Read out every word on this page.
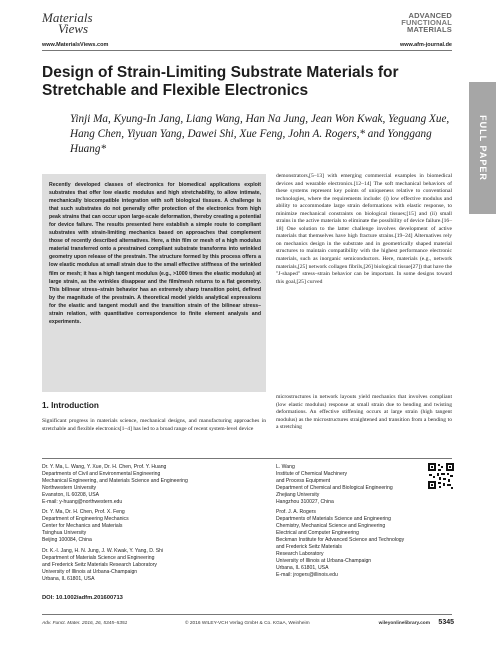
Materials
Views
www.MaterialsViews.com
ADVANCED
FUNCTIONAL
MATERIALS
www.afm-journal.de
FULL PAPER
Design of Strain-Limiting Substrate Materials for Stretchable and Flexible Electronics
Yinji Ma, Kyung-In Jang, Liang Wang, Han Na Jung, Jean Won Kwak, Yeguang Xue, Hang Chen, Yiyuan Yang, Dawei Shi, Xue Feng, John A. Rogers,* and Yonggang Huang*
Recently developed classes of electronics for biomedical applications exploit substrates that offer low elastic modulus and high stretchability, to allow intimate, mechanically biocompatible integration with soft biological tissues. A challenge is that such substrates do not generally offer protection of the electronics from high peak strains that can occur upon large-scale deformation, thereby creating a potential for device failure. The results presented here establish a simple route to compliant substrates with strain-limiting mechanics based on approaches that complement those of recently described alternatives. Here, a thin film or mesh of a high modulus material transferred onto a prestrained compliant substrate transforms into wrinkled geometry upon release of the prestrain. The structure formed by this process offers a low elastic modulus at small strain due to the small effective stiffness of the wrinkled film or mesh; it has a high tangent modulus (e.g., >1000 times the elastic modulus) at large strain, as the wrinkles disappear and the film/mesh returns to a flat geometry. This bilinear stress–strain behavior has an extremely sharp transition point, defined by the magnitude of the prestrain. A theoretical model yields analytical expressions for the elastic and tangent moduli and the transition strain of the bilinear stress–strain relation, with quantitative correspondence to finite element analysis and experiments.
demonstrators,[5–13] with emerging commercial examples in biomedical devices and wearable electronics.[12–14] The soft mechanical behaviors of these systems represent key points of uniqueness relative to conventional technologies, where the requirements include: (i) low effective modulus and ability to accommodate large strain deformations with elastic response, to minimize mechanical constraints on biological tissues;[15] and (ii) small strains in the active materials to eliminate the possibility of device failure.[16–18] One solution to the latter challenge involves development of active materials that themselves have high fracture strains.[19–24] Alternatives rely on mechanics design in the substrate and in geometrically shaped material structures to maintain compatibility with the highest performance electronic materials, such as inorganic semiconductors. Here, materials (e.g., network materials,[25] network collagen fibrils,[26] biological tissue[27]) that have the "J-shaped" stress–strain behavior can be important. In some designs toward this goal,[25] curved
microstructures in network layouts yield mechanics that involves compliant (low elastic modulus) response at small strain due to bending and twisting deformations. An effective stiffening occurs at large strain (high tangent modulus) as the microstructures straightened and transition from a bending to a stretching
1. Introduction
Significant progress in materials science, mechanical designs, and manufacturing approaches in stretchable and flexible electronics[1–4] has led to a broad range of recent system-level device
Dr. Y. Ma, L. Wang, Y. Xue, Dr. H. Chen, Prof. Y. Huang
Departments of Civil and Environmental Engineering
Mechanical Engineering, and Materials Science and Engineering
Northwestern University
Evanston, IL 60208, USA
E-mail: y-huang@northwestern.edu
Dr. Y. Ma, Dr. H. Chen, Prof. X. Feng
Department of Engineering Mechanics
Center for Mechanics and Materials
Tsinghua University
Beijing 100084, China
Dr. K.-I. Jang, H. N. Jung, J. W. Kwak, Y. Yang, D. Shi
Department of Materials Science and Engineering
and Frederick Seitz Materials Research Laboratory
University of Illinois at Urbana-Champaign
Urbana, IL 61801, USA
L. Wang
Institute of Chemical Machinery
and Process Equipment
Department of Chemical and Biological Engineering
Zhejiang University
Hangzhou 310027, China
Prof. J. A. Rogers
Departments of Materials Science and Engineering
Chemistry, Mechanical Science and Engineering
Electrical and Computer Engineering
Beckman Institute for Advanced Science and Technology
and Frederick Seitz Materials
Research Laboratory
University of Illinois at Urbana-Champaign
Urbana, IL 61801, USA
E-mail: jrogers@illinois.edu
DOI: 10.1002/adfm.201600713
Adv. Funct. Mater. 2016, 26, 5345–5351	© 2016 WILEY-VCH Verlag GmbH & Co. KGaA, Weinheim	wileyonlinelibrary.com 5345
